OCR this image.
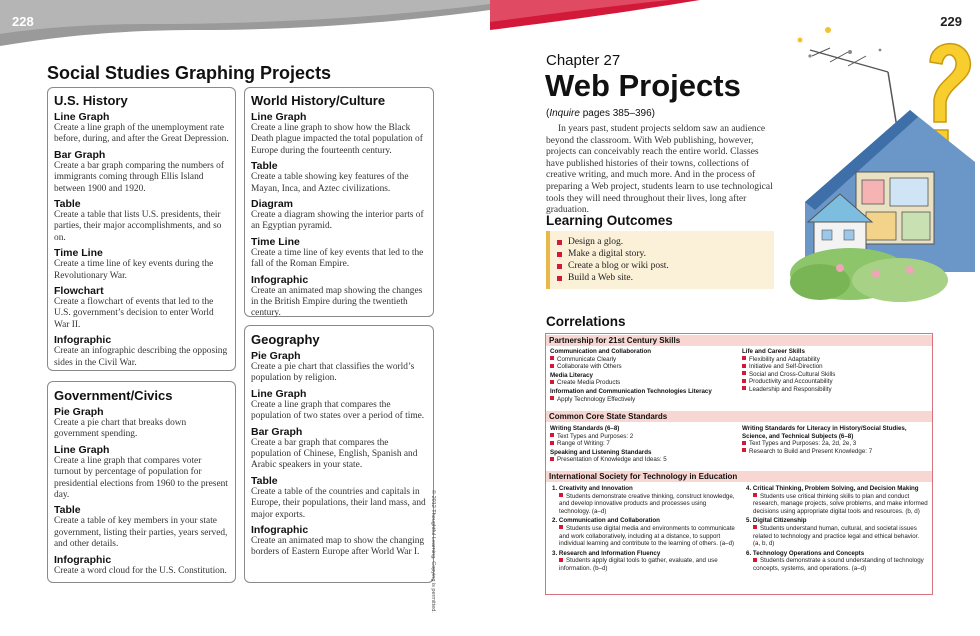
228	229
Social Studies Graphing Projects
U.S. History
Line Graph

Create a line graph of the unemployment rate before, during, and after the Great Depression.

Bar Graph

Create a bar graph comparing the numbers of immigrants coming through Ellis Island between 1900 and 1920.

Table

Create a table that lists U.S. presidents, their parties, their major accomplishments, and so on.

Time Line

Create a time line of key events during the Revolutionary War.

Flowchart

Create a flowchart of events that led to the U.S. government’s decision to enter World War II.

Infographic

Create an infographic describing the opposing sides in the Civil War.

World History/Culture
Line Graph

Create a line graph to show how the Black Death plague impacted the total population of Europe during the fourteenth century.

Table

Create a table showing key features of the Mayan, Inca, and Aztec civilizations.

Diagram

Create a diagram showing the interior parts of an Egyptian pyramid.

Time Line

Create a time line of key events that led to the fall of the Roman Empire.

Infographic

Create an animated map showing the changes in the British Empire during the twentieth century.

Government/Civics
Pie Graph

Create a pie chart that breaks down government spending.

Line Graph

Create a line graph that compares voter turnout by percentage of population for presidential elections from 1960 to the present day.

Table

Create a table of key members in your state government, listing their parties, years served, and other details.

Infographic

Create a word cloud for the U.S. Constitution.

Geography
Pie Graph

Create a pie chart that classifies the world’s population by religion.

Line Graph

Create a line graph that compares the population of two states over a period of time.

Bar Graph

Create a bar graph that compares the population of Chinese, English, Spanish and Arabic speakers in your state.

Table

Create a table of the countries and capitals in Europe, their populations, their land mass, and major exports.

Infographic

Create an animated map to show the changing borders of Eastern Europe after World War I.	© 2012 Thoughtful Learning. Copying is permitted.
Chapter 27
Web Projects
(Inquire pages 385–396)

In years past, student projects seldom saw an audience beyond the classroom. With Web publishing, however, projects can conceivably reach the entire world. Classes have published histories of their towns, collections of creative writing, and much more. And in the process of preparing a Web project, students learn to use technological tools they will need throughout their lives, long after graduation.

Learning Outcomes
Design a glog.
Make a digital story.
Create a blog or wiki post.
Build a Web site.
Correlations
Partnership for 21st Century Skills
Communication and Collaboration
Communicate Clearly
Collaborate with Others
Media Literacy
Create Media Products
Information and Communication Technologies Literacy
Apply Technology Effectively
Life and Career Skills
Flexibility and Adaptability
Initiative and Self-Direction
Social and Cross-Cultural Skills
Productivity and Accountability
Leadership and Responsibility
Common Core State Standards
Writing Standards (6–8)
Text Types and Purposes: 2
Range of Writing: 7
Speaking and Listening Standards
Presentation of Knowledge and Ideas: 5
Writing Standards for Literacy in History/Social Studies, Science, and Technical Subjects (6–8)
Text Types and Purposes: 2a, 2d, 2e, 3
Research to Build and Present Knowledge: 7
International Society for Technology in Education
1. Creativity and Innovation
Students demonstrate creative thinking, construct knowledge, and develop innovative products and processes using technology. (a–d)
2. Communication and Collaboration
Students use digital media and environments to communicate and work collaboratively, including at a distance, to support individual learning and contribute to the learning of others. (a–d)
3. Research and Information Fluency
Students apply digital tools to gather, evaluate, and use information. (b–d)
4. Critical Thinking, Problem Solving, and Decision Making
Students use critical thinking skills to plan and conduct research, manage projects, solve problems, and make informed decisions using appropriate digital tools and resources. (b, d)
5. Digital Citizenship
Students understand human, cultural, and societal issues related to technology and practice legal and ethical behavior. (a, b, d)
6. Technology Operations and Concepts
Students demonstrate a sound understanding of technology concepts, systems, and operations. (a–d)
